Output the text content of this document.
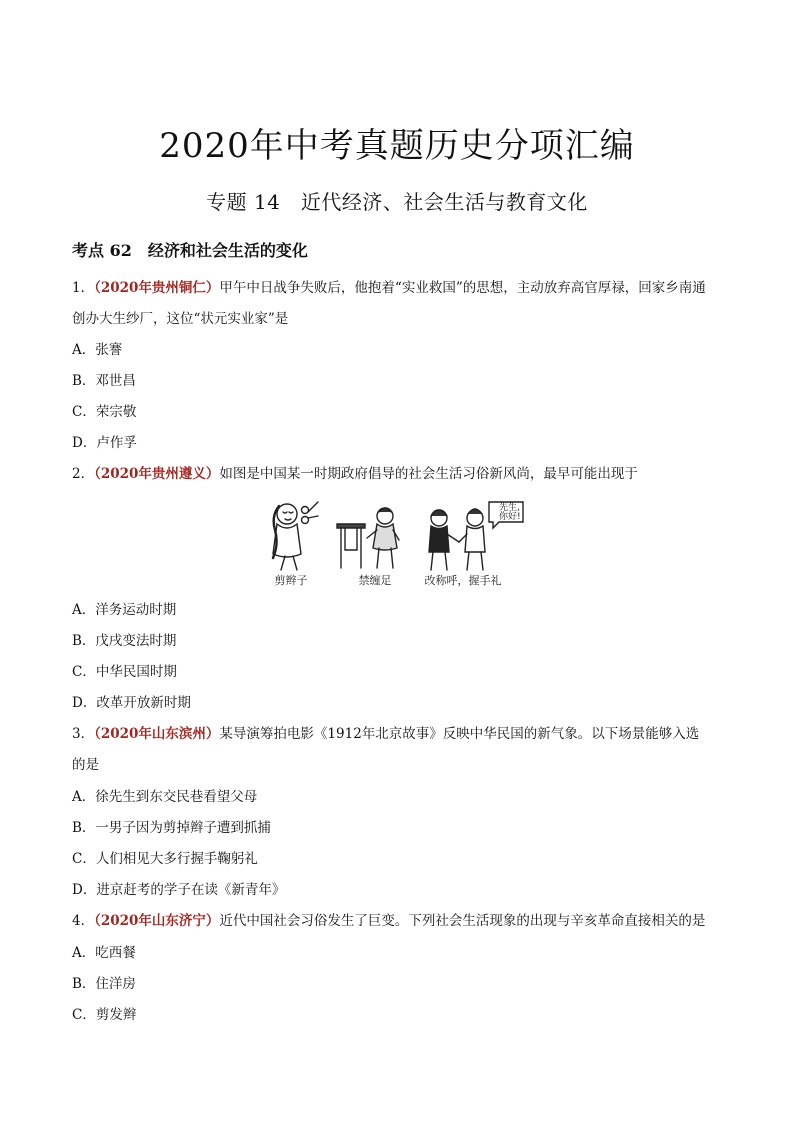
2020年中考真题历史分项汇编
专题 14　近代经济、社会生活与教育文化
考点 62　经济和社会生活的变化
1．（2020年贵州铜仁）甲午中日战争失败后，他抱着“实业救国”的思想，主动放弃高官厚禄，回家乡南通
创办大生纱厂，这位“状元实业家”是
A．张謇
B．邓世昌
C．荣宗敬
D．卢作孚
2．（2020年贵州遵义）如图是中国某一时期政府倡导的社会生活习俗新风尚，最早可能出现于
先生,
你好!
剪辫子	禁缠足	改称呼，握手礼
A．洋务运动时期
B．戊戌变法时期
C．中华民国时期
D．改革开放新时期
3．（2020年山东滨州）某导演筹拍电影《1912年北京故事》反映中华民国的新气象。以下场景能够入选
的是
A．徐先生到东交民巷看望父母
B．一男子因为剪掉辫子遭到抓捕
C．人们相见大多行握手鞠躬礼
D．进京赶考的学子在读《新青年》
4．（2020年山东济宁）近代中国社会习俗发生了巨变。下列社会生活现象的出现与辛亥革命直接相关的是
A．吃西餐
B．住洋房
C．剪发辫
